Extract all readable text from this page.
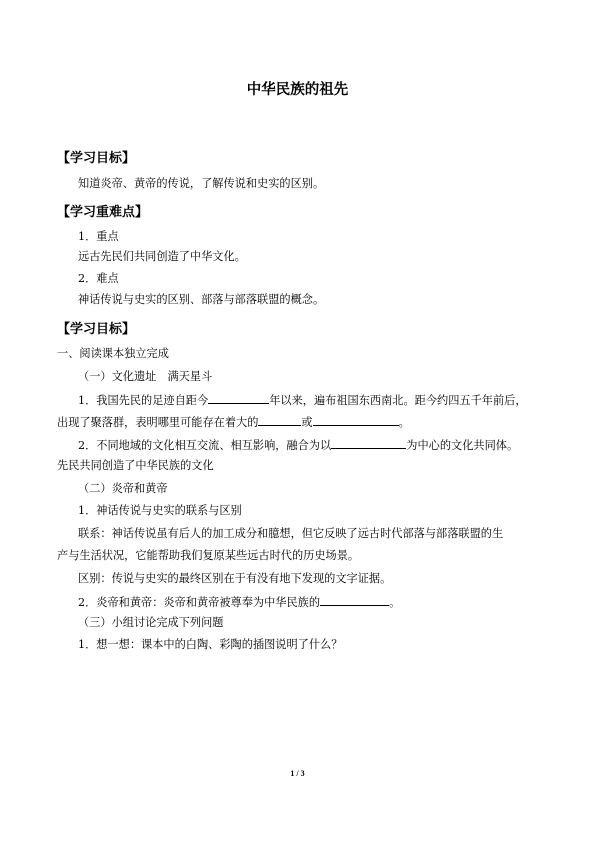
中华民族的祖先
【学习目标】
知道炎帝、黄帝的传说，了解传说和史实的区别。
【学习重难点】
1．重点
远古先民们共同创造了中华文化。
2．难点
神话传说与史实的区别、部落与部落联盟的概念。
【学习目标】
一、阅读课本独立完成
（一）文化遗址　满天星斗
1．我国先民的足迹自距今	年以来，遍布祖国东西南北。距今约四五千年前后，
出现了聚落群，表明哪里可能存在着大的	或	。
2．不同地域的文化相互交流、相互影响，融合为以	为中心的文化共同体。
先民共同创造了中华民族的文化
（二）炎帝和黄帝
1．神话传说与史实的联系与区别
联系：神话传说虽有后人的加工成分和臆想，但它反映了远古时代部落与部落联盟的生
产与生活状况，它能帮助我们复原某些远古时代的历史场景。
区别：传说与史实的最终区别在于有没有地下发现的文字证据。
2．炎帝和黄帝：炎帝和黄帝被尊奉为中华民族的	。
（三）小组讨论完成下列问题
1．想一想：课本中的白陶、彩陶的插图说明了什么？
1 / 3
